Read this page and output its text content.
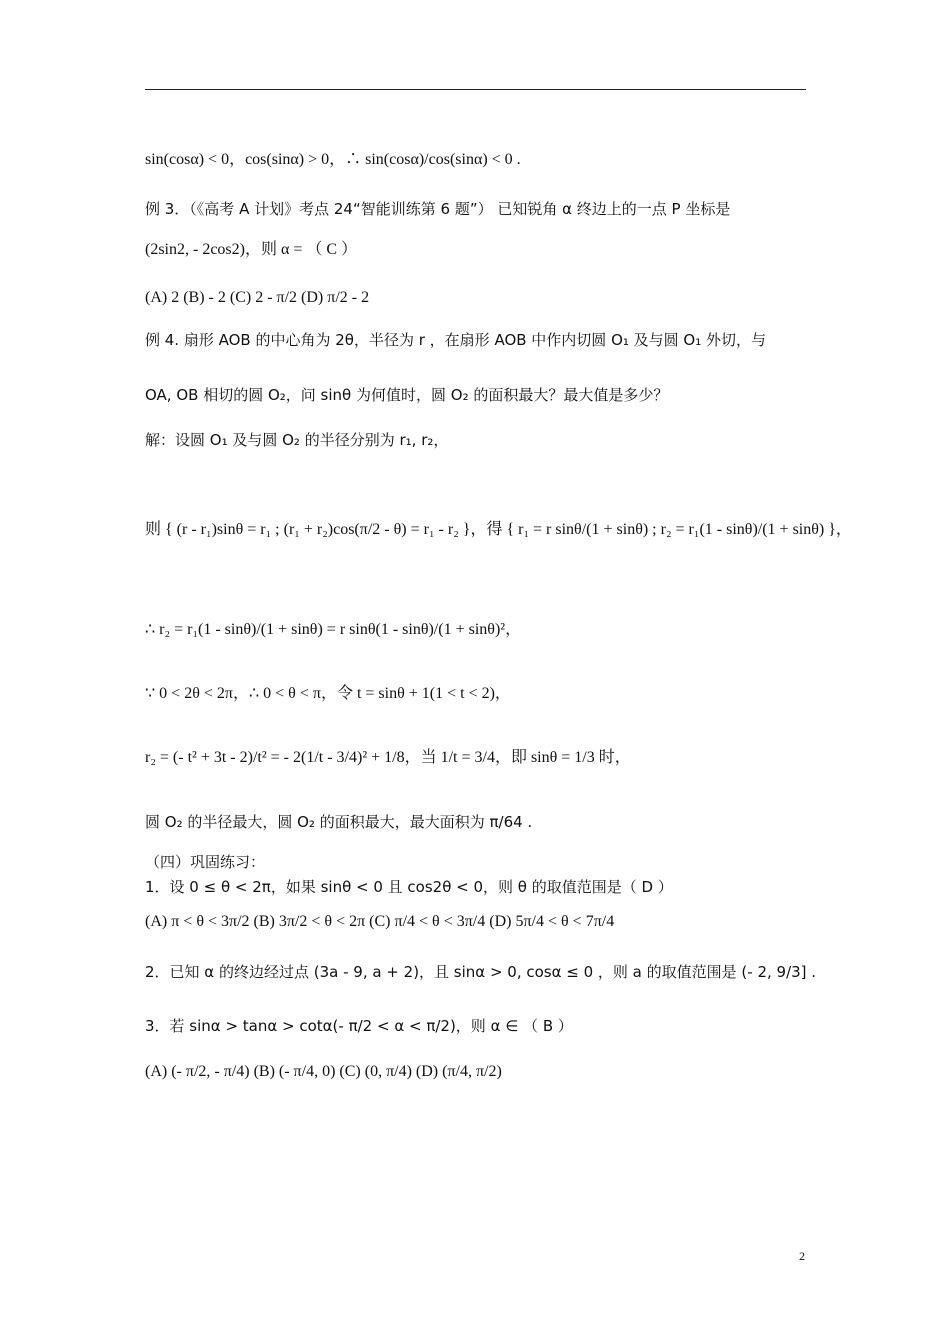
sin(cosα) < 0，cos(sinα) > 0，∴ sin(cosα)/cos(sinα) < 0 .
例 3．（《高考 A 计划》考点 24“智能训练第 6 题”） 已知锐角 α 终边上的一点 P 坐标是
(2sin2, - 2cos2)，则 α = （ C ）
(A) 2 (B) - 2 (C) 2 - π/2 (D) π/2 - 2
例 4. 扇形 AOB 的中心角为 2θ，半径为 r ，在扇形 AOB 中作内切圆 O₁ 及与圆 O₁ 外切，与
OA, OB 相切的圆 O₂，问 sinθ 为何值时，圆 O₂ 的面积最大？最大值是多少？
解：设圆 O₁ 及与圆 O₂ 的半径分别为 r₁, r₂，
则 { (r - r₁)sinθ = r₁ ; (r₁ + r₂)cos(π/2 - θ) = r₁ - r₂ }，得 { r₁ = r sinθ/(1 + sinθ) ; r₂ = r₁(1 - sinθ)/(1 + sinθ) }，
∴ r₂ = r₁(1 - sinθ)/(1 + sinθ) = r sinθ(1 - sinθ)/(1 + sinθ)²，
∵ 0 < 2θ < 2π，∴ 0 < θ < π，令 t = sinθ + 1(1 < t < 2)，
r₂ = (- t² + 3t - 2)/t² = - 2(1/t - 3/4)² + 1/8，当 1/t = 3/4，即 sinθ = 1/3 时，
圆 O₂ 的半径最大，圆 O₂ 的面积最大，最大面积为 π/64 .
（四）巩固练习：
1．设 0 ≤ θ < 2π，如果 sinθ < 0 且 cos2θ < 0，则 θ 的取值范围是（ D ）
(A) π < θ < 3π/2 (B) 3π/2 < θ < 2π (C) π/4 < θ < 3π/4 (D) 5π/4 < θ < 7π/4
2．已知 α 的终边经过点 (3a - 9, a + 2)，且 sinα > 0, cosα ≤ 0 ，则 a 的取值范围是 (- 2, 9/3] .
3．若 sinα > tanα > cotα(- π/2 < α < π/2)，则 α ∈ （ B ）
(A) (- π/2, - π/4) (B) (- π/4, 0) (C) (0, π/4) (D) (π/4, π/2)
2
